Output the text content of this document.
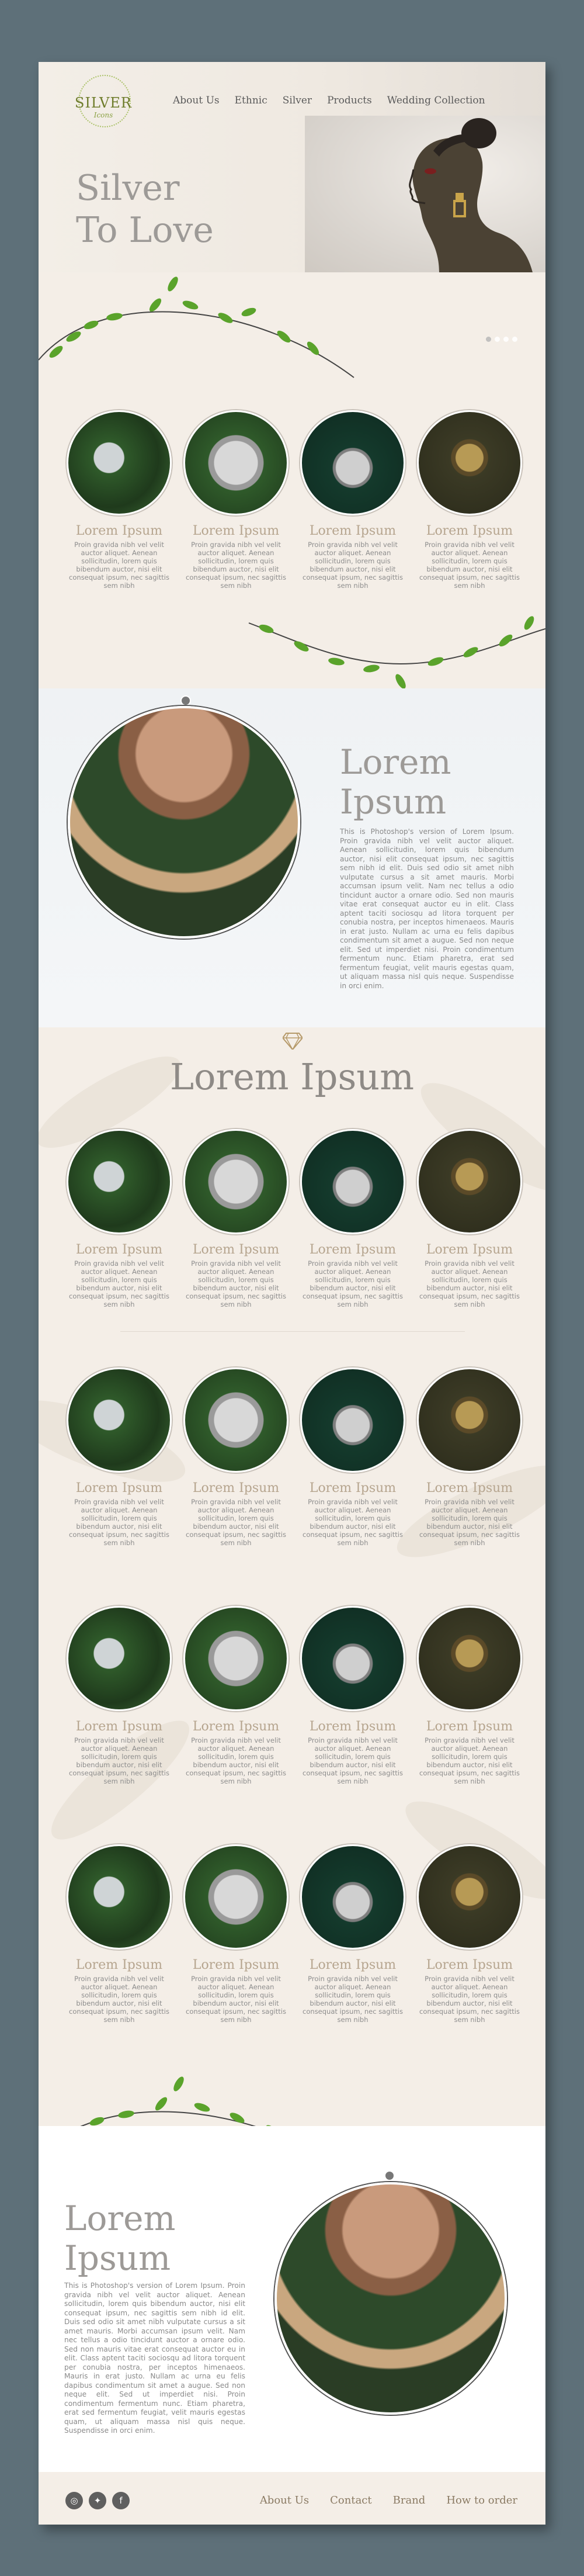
SILVER
Icons
About Us Ethnic Silver Products Wedding Collection
Silver
To Love
Lorem Ipsum
Proin gravida nibh vel velit auctor aliquet. Aenean sollicitudin, lorem quis bibendum auctor, nisi elit consequat ipsum, nec sagittis sem nibh
Lorem Ipsum
Proin gravida nibh vel velit auctor aliquet. Aenean sollicitudin, lorem quis bibendum auctor, nisi elit consequat ipsum, nec sagittis sem nibh
Lorem Ipsum
Proin gravida nibh vel velit auctor aliquet. Aenean sollicitudin, lorem quis bibendum auctor, nisi elit consequat ipsum, nec sagittis sem nibh
Lorem Ipsum
Proin gravida nibh vel velit auctor aliquet. Aenean sollicitudin, lorem quis bibendum auctor, nisi elit consequat ipsum, nec sagittis sem nibh
Lorem
Ipsum
This is Photoshop's version of Lorem Ipsum. Proin gravida nibh vel velit auctor aliquet. Aenean sollicitudin, lorem quis bibendum auctor, nisi elit consequat ipsum, nec sagittis sem nibh id elit. Duis sed odio sit amet nibh vulputate cursus a sit amet mauris. Morbi accumsan ipsum velit. Nam nec tellus a odio tincidunt auctor a ornare odio. Sed non mauris vitae erat consequat auctor eu in elit. Class aptent taciti sociosqu ad litora torquent per conubia nostra, per inceptos himenaeos. Mauris in erat justo. Nullam ac urna eu felis dapibus condimentum sit amet a augue. Sed non neque elit. Sed ut imperdiet nisi. Proin condimentum fermentum nunc. Etiam pharetra, erat sed fermentum feugiat, velit mauris egestas quam, ut aliquam massa nisl quis neque. Suspendisse in orci enim.
Lorem Ipsum
Lorem Ipsum
Proin gravida nibh vel velit auctor aliquet. Aenean sollicitudin, lorem quis bibendum auctor, nisi elit consequat ipsum, nec sagittis sem nibh
Lorem Ipsum
Proin gravida nibh vel velit auctor aliquet. Aenean sollicitudin, lorem quis bibendum auctor, nisi elit consequat ipsum, nec sagittis sem nibh
Lorem Ipsum
Proin gravida nibh vel velit auctor aliquet. Aenean sollicitudin, lorem quis bibendum auctor, nisi elit consequat ipsum, nec sagittis sem nibh
Lorem Ipsum
Proin gravida nibh vel velit auctor aliquet. Aenean sollicitudin, lorem quis bibendum auctor, nisi elit consequat ipsum, nec sagittis sem nibh
Lorem Ipsum
Proin gravida nibh vel velit auctor aliquet. Aenean sollicitudin, lorem quis bibendum auctor, nisi elit consequat ipsum, nec sagittis sem nibh
Lorem Ipsum
Proin gravida nibh vel velit auctor aliquet. Aenean sollicitudin, lorem quis bibendum auctor, nisi elit consequat ipsum, nec sagittis sem nibh
Lorem Ipsum
Proin gravida nibh vel velit auctor aliquet. Aenean sollicitudin, lorem quis bibendum auctor, nisi elit consequat ipsum, nec sagittis sem nibh
Lorem Ipsum
Proin gravida nibh vel velit auctor aliquet. Aenean sollicitudin, lorem quis bibendum auctor, nisi elit consequat ipsum, nec sagittis sem nibh
Lorem Ipsum
Proin gravida nibh vel velit auctor aliquet. Aenean sollicitudin, lorem quis bibendum auctor, nisi elit consequat ipsum, nec sagittis sem nibh
Lorem Ipsum
Proin gravida nibh vel velit auctor aliquet. Aenean sollicitudin, lorem quis bibendum auctor, nisi elit consequat ipsum, nec sagittis sem nibh
Lorem Ipsum
Proin gravida nibh vel velit auctor aliquet. Aenean sollicitudin, lorem quis bibendum auctor, nisi elit consequat ipsum, nec sagittis sem nibh
Lorem Ipsum
Proin gravida nibh vel velit auctor aliquet. Aenean sollicitudin, lorem quis bibendum auctor, nisi elit consequat ipsum, nec sagittis sem nibh
Lorem Ipsum
Proin gravida nibh vel velit auctor aliquet. Aenean sollicitudin, lorem quis bibendum auctor, nisi elit consequat ipsum, nec sagittis sem nibh
Lorem Ipsum
Proin gravida nibh vel velit auctor aliquet. Aenean sollicitudin, lorem quis bibendum auctor, nisi elit consequat ipsum, nec sagittis sem nibh
Lorem Ipsum
Proin gravida nibh vel velit auctor aliquet. Aenean sollicitudin, lorem quis bibendum auctor, nisi elit consequat ipsum, nec sagittis sem nibh
Lorem Ipsum
Proin gravida nibh vel velit auctor aliquet. Aenean sollicitudin, lorem quis bibendum auctor, nisi elit consequat ipsum, nec sagittis sem nibh
Lorem
Ipsum
This is Photoshop's version of Lorem Ipsum. Proin gravida nibh vel velit auctor aliquet. Aenean sollicitudin, lorem quis bibendum auctor, nisi elit consequat ipsum, nec sagittis sem nibh id elit. Duis sed odio sit amet nibh vulputate cursus a sit amet mauris. Morbi accumsan ipsum velit. Nam nec tellus a odio tincidunt auctor a ornare odio. Sed non mauris vitae erat consequat auctor eu in elit. Class aptent taciti sociosqu ad litora torquent per conubia nostra, per inceptos himenaeos. Mauris in erat justo. Nullam ac urna eu felis dapibus condimentum sit amet a augue. Sed non neque elit. Sed ut imperdiet nisi. Proin condimentum fermentum nunc. Etiam pharetra, erat sed fermentum feugiat, velit mauris egestas quam, ut aliquam massa nisl quis neque. Suspendisse in orci enim.
◎	✦	f	About Us Contact Brand How to order
